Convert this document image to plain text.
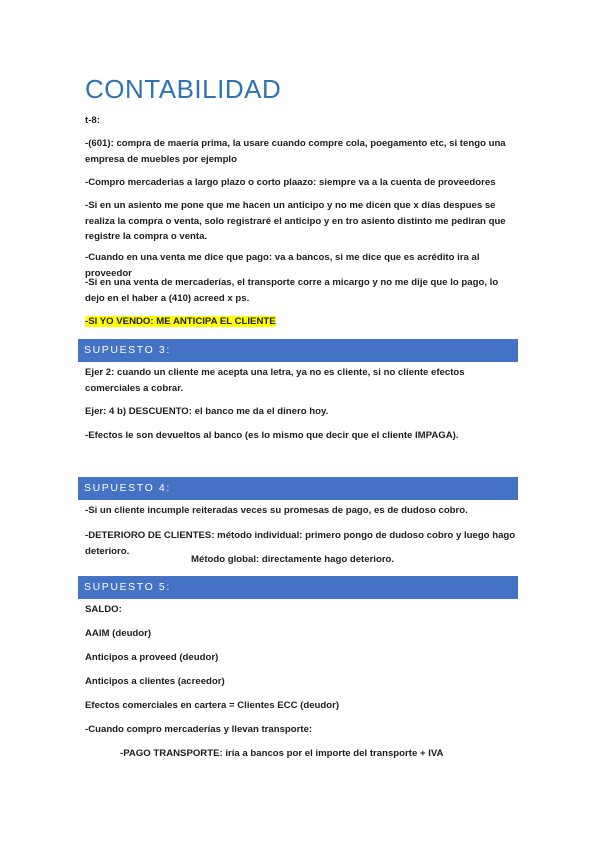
CONTABILIDAD
t-8:
-(601): compra de maería prima, la usare cuando compre cola, poegamento etc, si tengo una empresa de muebles por ejemplo
-Compro mercaderias a largo plazo o corto plaazo: siempre va a la cuenta de proveedores
-Si en un asiento me pone que me hacen un anticipo y no me dicen que x días despues se realiza la compra o venta, solo registraré el anticipo y en tro asiento distinto me pediran que registre la compra o venta.
-Cuando en una venta me dice que pago: va a bancos, si me dice que es acrédito ira al proveedor
-Si en una venta de mercaderías, el transporte corre a micargo y no me dije que lo pago, lo dejo en el haber a (410) acreed x ps.
-SI YO VENDO: ME ANTICIPA EL CLIENTE
SUPUESTO 3:
Ejer 2: cuando un cliente me acepta una letra, ya no es cliente, si no cliente efectos comerciales a cobrar.
Ejer: 4 b) DESCUENTO: el banco me da el dinero hoy.
-Efectos le son devueltos al banco (es lo mismo que decir que el cliente IMPAGA).
SUPUESTO 4:
-Si un cliente incumple reiteradas veces su promesas de pago, es de dudoso cobro.
-DETERIORO DE CLIENTES: método individual: primero pongo de dudoso cobro y luego hago deterioro.
Método global: directamente hago deterioro.
SUPUESTO 5:
SALDO:
AAIM (deudor)
Anticipos a proveed (deudor)
Anticipos a clientes (acreedor)
Efectos comerciales en cartera = Clientes ECC (deudor)
-Cuando compro mercaderías y llevan transporte:
-PAGO TRANSPORTE: iría a bancos por el importe del transporte + IVA
